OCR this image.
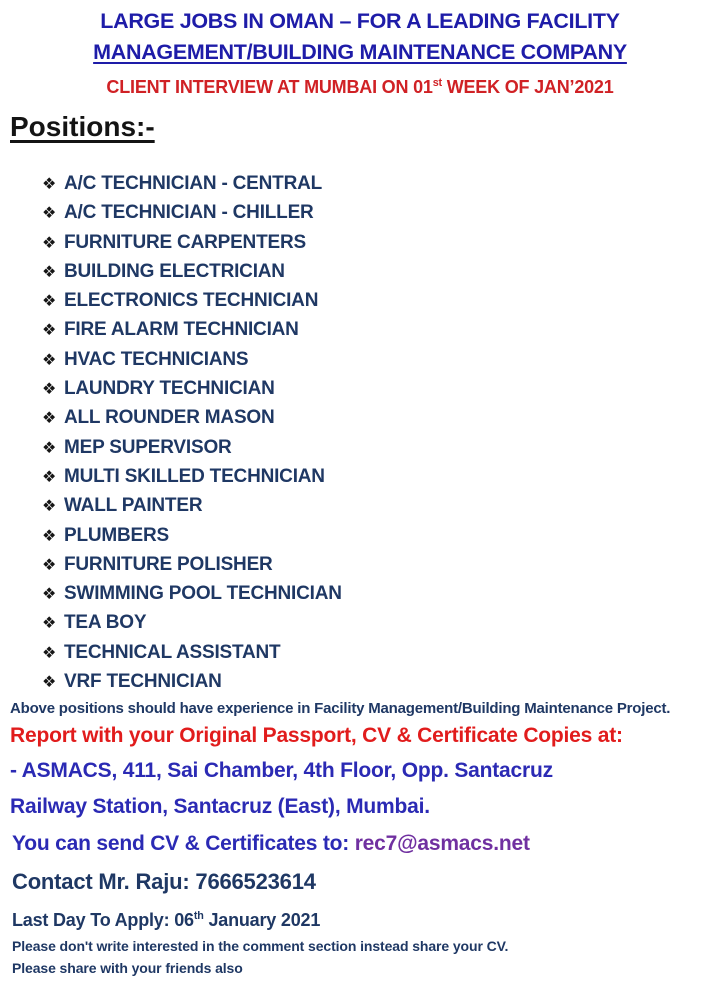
LARGE JOBS IN OMAN – FOR A LEADING FACILITY
MANAGEMENT/BUILDING MAINTENANCE COMPANY
CLIENT INTERVIEW AT MUMBAI ON 01st WEEK OF JAN’2021
Positions:-
❖ A/C TECHNICIAN - CENTRAL
❖ A/C TECHNICIAN - CHILLER
❖ FURNITURE CARPENTERS
❖ BUILDING ELECTRICIAN
❖ ELECTRONICS TECHNICIAN
❖ FIRE ALARM TECHNICIAN
❖ HVAC TECHNICIANS
❖ LAUNDRY TECHNICIAN
❖ ALL ROUNDER MASON
❖ MEP SUPERVISOR
❖ MULTI SKILLED TECHNICIAN
❖ WALL PAINTER
❖ PLUMBERS
❖ FURNITURE POLISHER
❖ SWIMMING POOL TECHNICIAN
❖ TEA BOY
❖ TECHNICAL ASSISTANT
❖ VRF TECHNICIAN
Above positions should have experience in Facility Management/Building Maintenance Project.
Report with your Original Passport, CV & Certificate Copies at:
- ASMACS, 411, Sai Chamber, 4th Floor, Opp. Santacruz
Railway Station, Santacruz (East), Mumbai.
You can send CV & Certificates to: rec7@asmacs.net
Contact Mr. Raju: 7666523614
Last Day To Apply: 06th January 2021
Please don't write interested in the comment section instead share your CV.
Please share with your friends also
